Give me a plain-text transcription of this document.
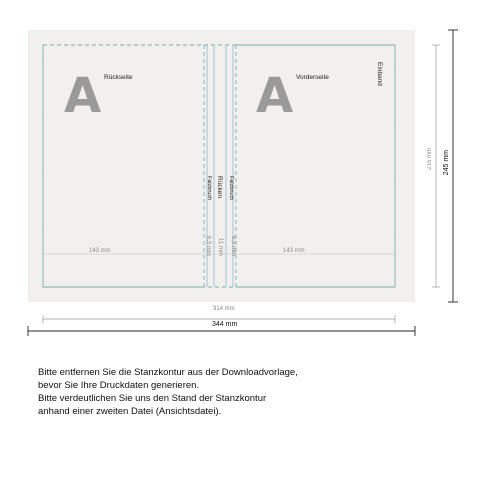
A Rückseite	A Vorderseite	Einband
Falzbruch Rücken Falzbruch
143 mm	143 mm
6,5 mm 11 mm 6,5 mm
215 mm 245 mm
314 mm
344 mm
Bitte entfernen Sie die Stanzkontur aus der Downloadvorlage,
bevor Sie Ihre Druckdaten generieren.
Bitte verdeutlichen Sie uns den Stand der Stanzkontur
anhand einer zweiten Datei (Ansichtsdatei).
